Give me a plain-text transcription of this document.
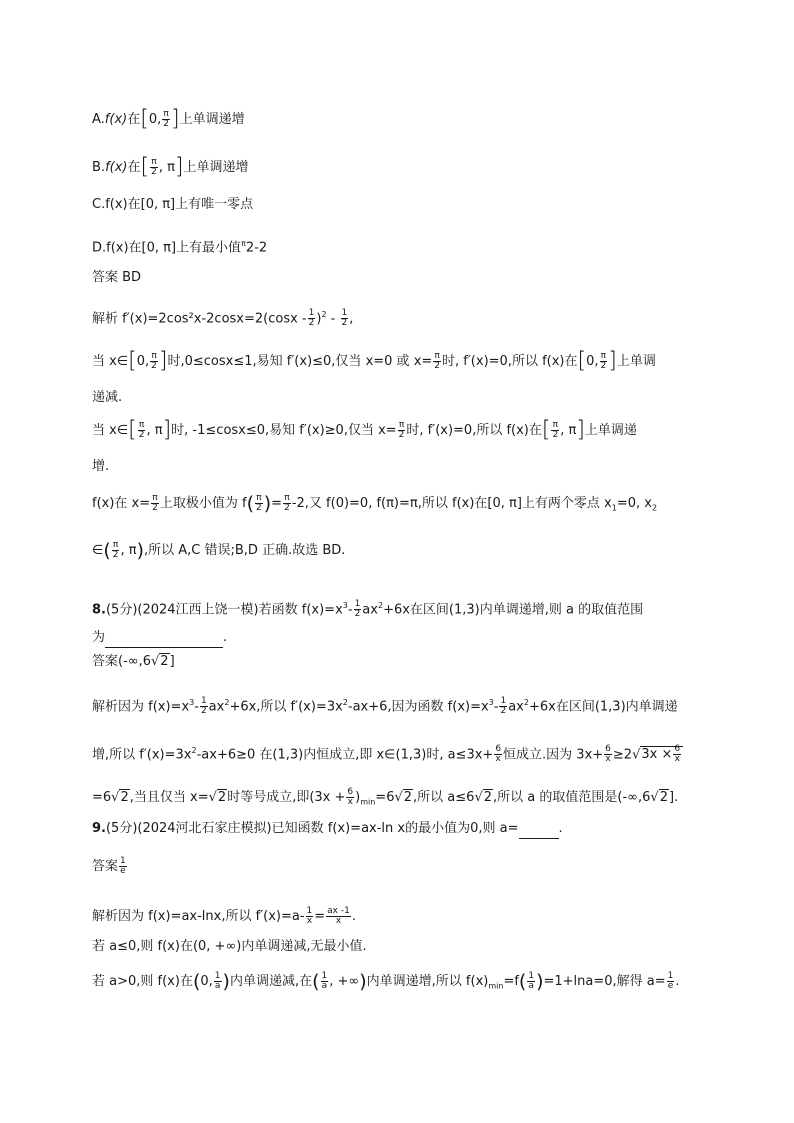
A.f(x)在[0, $\frac{\pi}{2}$ ]上单调递增
B.f(x)在[ $\frac{\pi}{2}$ , π]上单调递增
C.f(x)在[0, π]上有唯一零点
D.f(x)在[0, π]上有最小值$^\pi$2-2
答案 BD
解析 $f'(x)=2\cos^2x-2\cos x=2(\cos x - \frac{1}{2} )^2 - \frac{1}{2}$ ,
当 x∈[0, $\frac{\pi}{2}$ ]时,0≤cosx≤1,易知 f′(x)≤0,仅当 x=0 或 $x= \frac{\pi}{2}$ 时, f′(x)=0,所以 f(x)在[0, $\frac{\pi}{2}$ ]上单调
递减.
当 x∈[ $\frac{\pi}{2}$ , π]时, -1≤cosx≤0,易知 f′(x)≥0,仅当 $x= \frac{\pi}{2}$ 时, f′(x)=0,所以 f(x)在[ $\frac{\pi}{2}$ , π]上单调递
增.
f(x)在 $x= \frac{\pi}{2}$ 上取极小值为 $f( \frac{\pi}{2}$ )= $\frac{\pi}{2} -2$,又 f(0)=0, f(π)=π,所以 f(x)在[0, π]上有两个零点 $x_1=0$, $x_2$
∈( $\frac{\pi}{2}$ , π),所以 A,C 错误;B,D 正确.故选 BD.
8.(5分)(2024江西上饶一模)若函数 $f(x)=x^3- \frac{1}{2} ax^2+6x$在区间(1,3)内单调递增,则 a 的取值范围
为	.
答案(-∞,6√2]
解析因为 $f(x)=x^3- \frac{1}{2} ax^2+6x$,所以 $f'(x)=3x^2-ax+6$,因为函数 $f(x)=x^3- \frac{1}{2} ax^2+6x$在区间(1,3)内单调递
增,所以 $f'(x)=3x^2-ax+6\ge 0$ 在(1,3)内恒成立,即 x∈(1,3)时, $a\le 3x+ \frac{6}{x}$ 恒成立.因为 $3x+ \frac{6}{x} \ge 2√3x \times \frac{6}{x}$
=6√2,当且仅当 x=√2时等号成立,即$(3x + \frac{6}{x} )_{min}=6√2$,所以 a≤6√2,所以 a 的取值范围是(-∞,6√2].
9.(5分)(2024河北石家庄模拟)已知函数 f(x)=ax-ln x的最小值为0,则 a=	.
答案 $\frac{1}{e}$
解析因为 f(x)=ax-lnx,所以 $f'(x)=a- \frac{1}{x} = \frac{ax -1}{x}$ .
若 a≤0,则 f(x)在(0, +∞)内单调递减,无最小值.
若 a>0,则 f(x)在(0, $\frac{1}{a}$ )内单调递减,在( $\frac{1}{a}$ , +∞)内单调递增,所以 $f(x)_{min}=f( \frac{1}{a} )=1+\ln a=0$,解得 $a= \frac{1}{e}$ .
